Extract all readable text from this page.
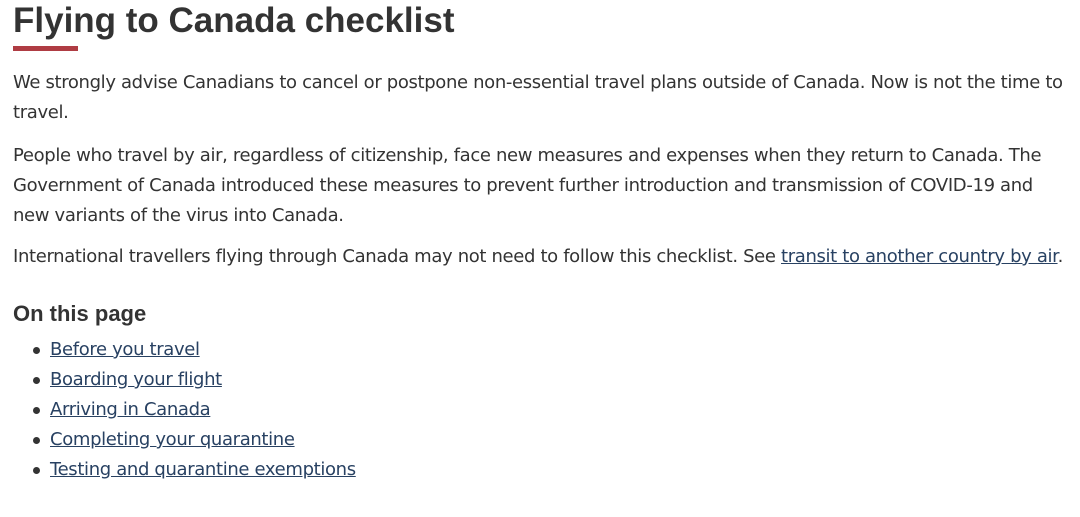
Flying to Canada checklist

We strongly advise Canadians to cancel or postpone non-essential travel plans outside of Canada. Now is not the time to travel.

People who travel by air, regardless of citizenship, face new measures and expenses when they return to Canada. The Government of Canada introduced these measures to prevent further introduction and transmission of COVID-19 and new variants of the virus into Canada.

International travellers flying through Canada may not need to follow this checklist. See transit to another country by air.

On this page
Before you travel
Boarding your flight
Arriving in Canada
Completing your quarantine
Testing and quarantine exemptions
